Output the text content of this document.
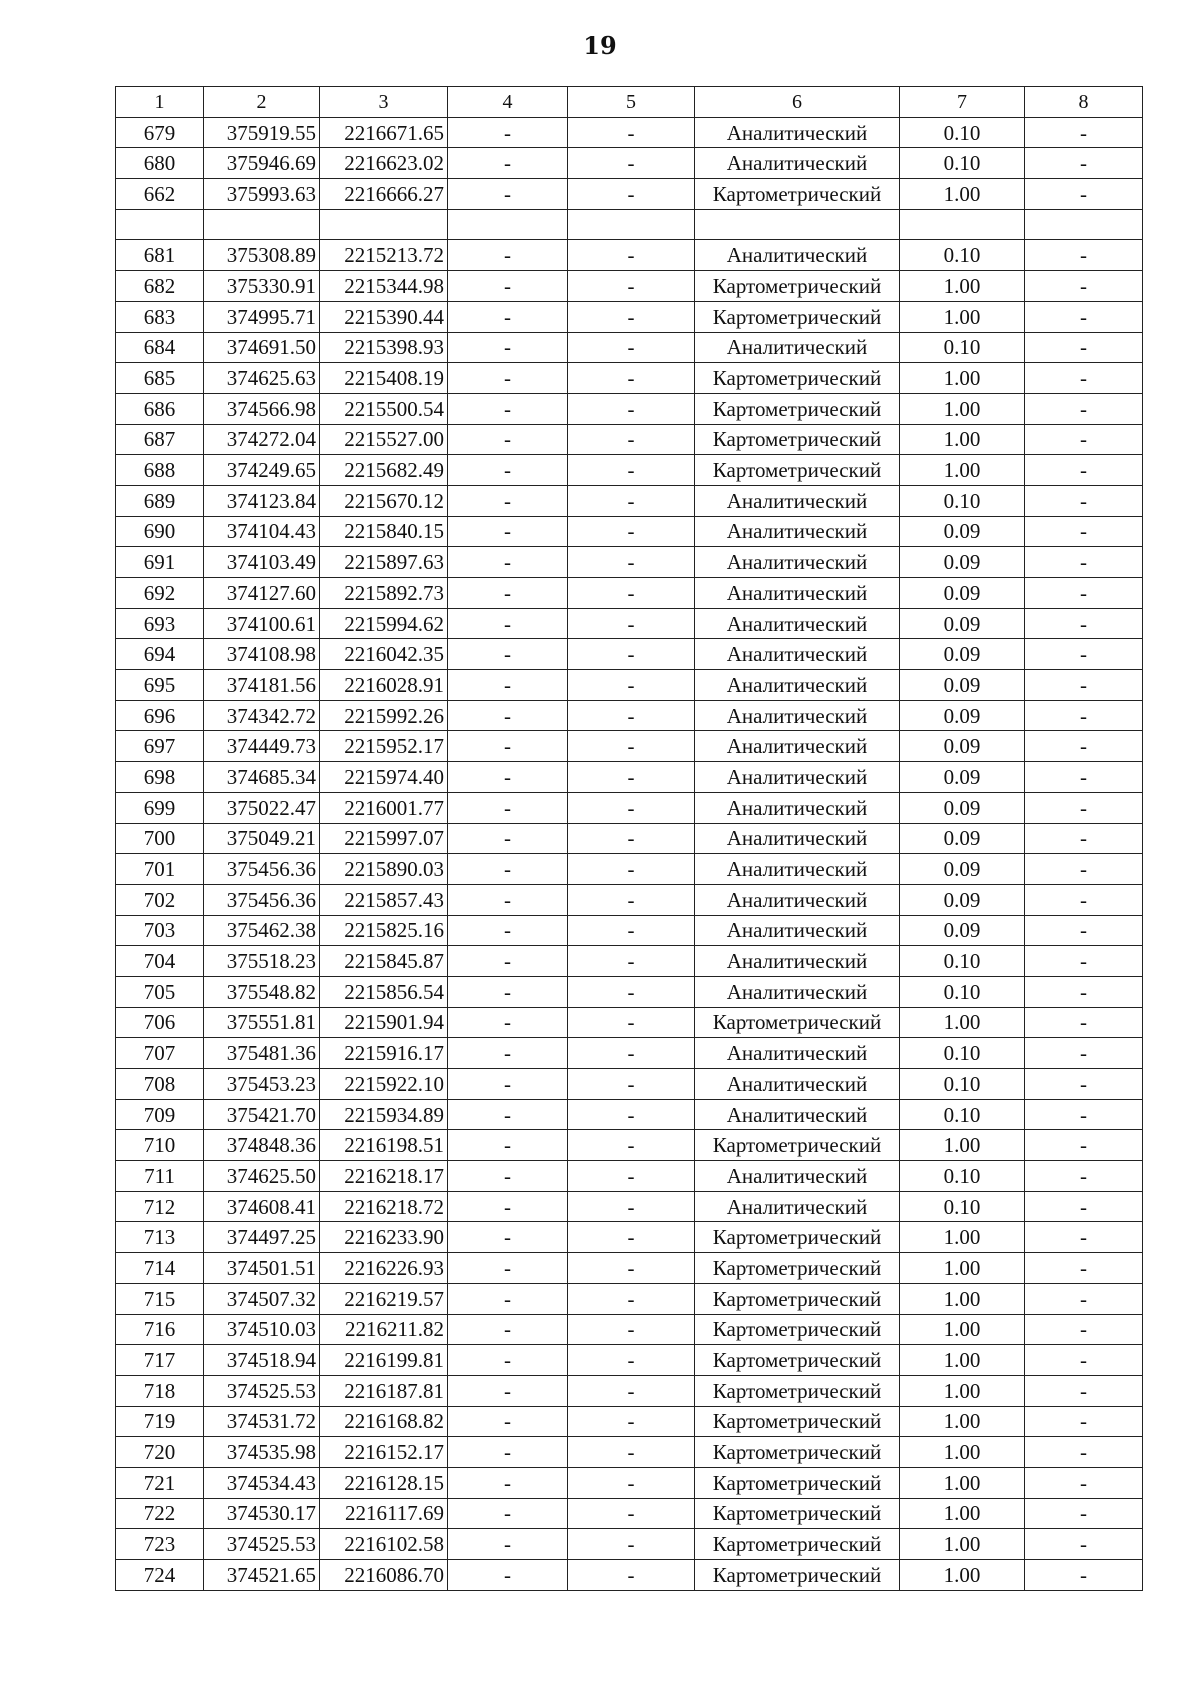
19
1	2	3	4	5	6	7	8
679	375919.55	2216671.65	-	-	Аналитический	0.10	-
680	375946.69	2216623.02	-	-	Аналитический	0.10	-
662	375993.63	2216666.27	-	-	Картометрический	1.00	-

681	375308.89	2215213.72	-	-	Аналитический	0.10	-
682	375330.91	2215344.98	-	-	Картометрический	1.00	-
683	374995.71	2215390.44	-	-	Картометрический	1.00	-
684	374691.50	2215398.93	-	-	Аналитический	0.10	-
685	374625.63	2215408.19	-	-	Картометрический	1.00	-
686	374566.98	2215500.54	-	-	Картометрический	1.00	-
687	374272.04	2215527.00	-	-	Картометрический	1.00	-
688	374249.65	2215682.49	-	-	Картометрический	1.00	-
689	374123.84	2215670.12	-	-	Аналитический	0.10	-
690	374104.43	2215840.15	-	-	Аналитический	0.09	-
691	374103.49	2215897.63	-	-	Аналитический	0.09	-
692	374127.60	2215892.73	-	-	Аналитический	0.09	-
693	374100.61	2215994.62	-	-	Аналитический	0.09	-
694	374108.98	2216042.35	-	-	Аналитический	0.09	-
695	374181.56	2216028.91	-	-	Аналитический	0.09	-
696	374342.72	2215992.26	-	-	Аналитический	0.09	-
697	374449.73	2215952.17	-	-	Аналитический	0.09	-
698	374685.34	2215974.40	-	-	Аналитический	0.09	-
699	375022.47	2216001.77	-	-	Аналитический	0.09	-
700	375049.21	2215997.07	-	-	Аналитический	0.09	-
701	375456.36	2215890.03	-	-	Аналитический	0.09	-
702	375456.36	2215857.43	-	-	Аналитический	0.09	-
703	375462.38	2215825.16	-	-	Аналитический	0.09	-
704	375518.23	2215845.87	-	-	Аналитический	0.10	-
705	375548.82	2215856.54	-	-	Аналитический	0.10	-
706	375551.81	2215901.94	-	-	Картометрический	1.00	-
707	375481.36	2215916.17	-	-	Аналитический	0.10	-
708	375453.23	2215922.10	-	-	Аналитический	0.10	-
709	375421.70	2215934.89	-	-	Аналитический	0.10	-
710	374848.36	2216198.51	-	-	Картометрический	1.00	-
711	374625.50	2216218.17	-	-	Аналитический	0.10	-
712	374608.41	2216218.72	-	-	Аналитический	0.10	-
713	374497.25	2216233.90	-	-	Картометрический	1.00	-
714	374501.51	2216226.93	-	-	Картометрический	1.00	-
715	374507.32	2216219.57	-	-	Картометрический	1.00	-
716	374510.03	2216211.82	-	-	Картометрический	1.00	-
717	374518.94	2216199.81	-	-	Картометрический	1.00	-
718	374525.53	2216187.81	-	-	Картометрический	1.00	-
719	374531.72	2216168.82	-	-	Картометрический	1.00	-
720	374535.98	2216152.17	-	-	Картометрический	1.00	-
721	374534.43	2216128.15	-	-	Картометрический	1.00	-
722	374530.17	2216117.69	-	-	Картометрический	1.00	-
723	374525.53	2216102.58	-	-	Картометрический	1.00	-
724	374521.65	2216086.70	-	-	Картометрический	1.00	-
